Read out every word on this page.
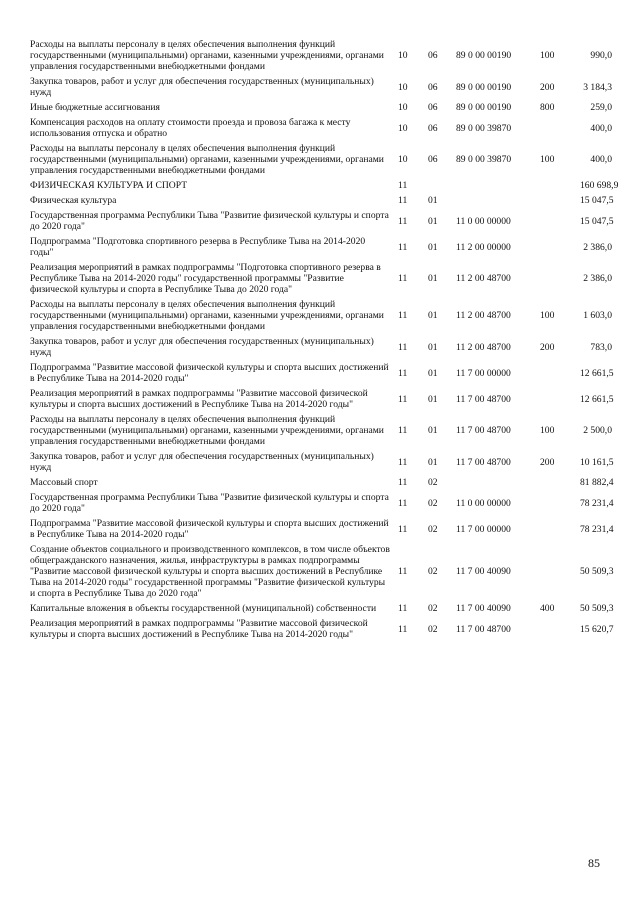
Расходы на выплаты персоналу в целях обеспечения выполнения функций государственными (муниципальными) органами, казенными учреждениями, органами управления государственными внебюджетными фондами	10	06	89 0 00 00190	100	990,0
Закупка товаров, работ и услуг для обеспечения государственных (муниципальных) нужд	10	06	89 0 00 00190	200	3 184,3
Иные бюджетные ассигнования	10	06	89 0 00 00190	800	259,0
Компенсация расходов на оплату стоимости проезда и провоза багажа к месту использования отпуска и обратно	10	06	89 0 00 39870		400,0
Расходы на выплаты персоналу в целях обеспечения выполнения функций государственными (муниципальными) органами, казенными учреждениями, органами управления государственными внебюджетными фондами	10	06	89 0 00 39870	100	400,0
ФИЗИЧЕСКАЯ КУЛЬТУРА И СПОРТ	11				160 698,9
Физическая культура	11	01			15 047,5
Государственная программа Республики Тыва "Развитие физической культуры и спорта до 2020 года"	11	01	11 0 00 00000		15 047,5
Подпрограмма "Подготовка спортивного резерва в Республике Тыва на 2014-2020 годы"	11	01	11 2 00 00000		2 386,0
Реализация мероприятий в рамках подпрограммы "Подготовка спортивного резерва в Республике Тыва на 2014-2020 годы" государственной программы "Развитие физической культуры и спорта в Республике Тыва до 2020 года"	11	01	11 2 00 48700		2 386,0
Расходы на выплаты персоналу в целях обеспечения выполнения функций государственными (муниципальными) органами, казенными учреждениями, органами управления государственными внебюджетными фондами	11	01	11 2 00 48700	100	1 603,0
Закупка товаров, работ и услуг для обеспечения государственных (муниципальных) нужд	11	01	11 2 00 48700	200	783,0
Подпрограмма "Развитие массовой физической культуры и спорта высших достижений в Республике Тыва на 2014-2020 годы"	11	01	11 7 00 00000		12 661,5
Реализация мероприятий в рамках подпрограммы "Развитие массовой физической культуры и спорта высших достижений в Республике Тыва на 2014-2020 годы"	11	01	11 7 00 48700		12 661,5
Расходы на выплаты персоналу в целях обеспечения выполнения функций государственными (муниципальными) органами, казенными учреждениями, органами управления государственными внебюджетными фондами	11	01	11 7 00 48700	100	2 500,0
Закупка товаров, работ и услуг для обеспечения государственных (муниципальных) нужд	11	01	11 7 00 48700	200	10 161,5
Массовый спорт	11	02			81 882,4
Государственная программа Республики Тыва "Развитие физической культуры и спорта до 2020 года"	11	02	11 0 00 00000		78 231,4
Подпрограмма "Развитие массовой физической культуры и спорта высших достижений в Республике Тыва на 2014-2020 годы"	11	02	11 7 00 00000		78 231,4
Создание объектов социального и производственного комплексов, в том числе объектов общегражданского назначения, жилья, инфраструктуры в рамках подпрограммы "Развитие массовой физической культуры и спорта высших достижений в Республике Тыва на 2014-2020 годы" государственной программы "Развитие физической культуры и спорта в Республике Тыва до 2020 года"	11	02	11 7 00 40090		50 509,3
Капитальные вложения в объекты государственной (муниципальной) собственности	11	02	11 7 00 40090	400	50 509,3
Реализация мероприятий в рамках подпрограммы "Развитие массовой физической культуры и спорта высших достижений в Республике Тыва на 2014-2020 годы"	11	02	11 7 00 48700		15 620,7
85
